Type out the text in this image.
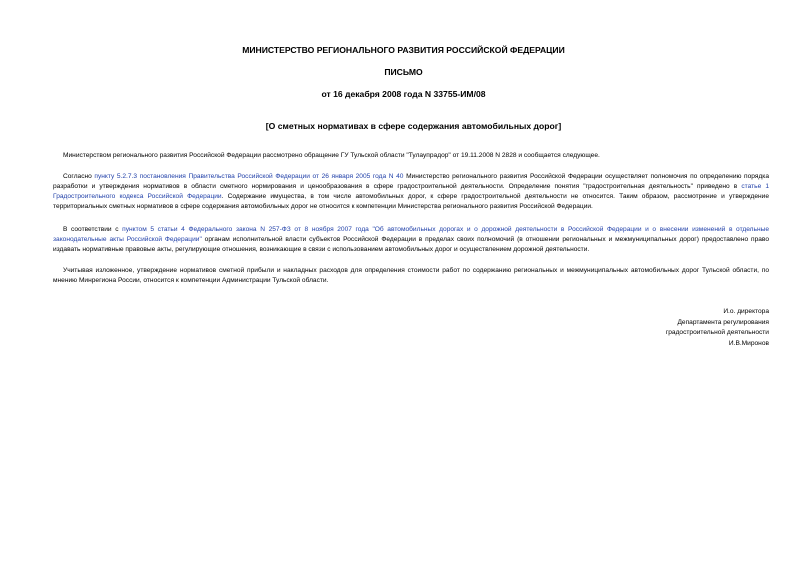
МИНИСТЕРСТВО РЕГИОНАЛЬНОГО РАЗВИТИЯ РОССИЙСКОЙ ФЕДЕРАЦИИ
ПИСЬМО
от 16 декабря 2008 года N 33755-ИМ/08
[О сметных нормативах в сфере содержания автомобильных дорог]

Министерством регионального развития Российской Федерации рассмотрено обращение ГУ Тульской области "Тулаупрадор" от 19.11.2008 N 2828 и сообщается следующее.

Согласно пункту 5.2.7.3 постановления Правительства Российской Федерации от 26 января 2005 года N 40 Министерство регионального развития Российской Федерации осуществляет полномочия по определению порядка разработки и утверждения нормативов в области сметного нормирования и ценообразования в сфере градостроительной деятельности. Определение понятия "градостроительная деятельность" приведено в статье 1 Градостроительного кодекса Российской Федерации. Содержание имущества, в том числе автомобильных дорог, к сфере градостроительной деятельности не относится. Таким образом, рассмотрение и утверждение территориальных сметных нормативов в сфере содержания автомобильных дорог не относится к компетенции Министерства регионального развития Российской Федерации.

В соответствии с пунктом 5 статьи 4 Федерального закона N 257-ФЗ от 8 ноября 2007 года "Об автомобильных дорогах и о дорожной деятельности в Российской Федерации и о внесении изменений в отдельные законодательные акты Российской Федерации" органам исполнительной власти субъектов Российской Федерации в пределах своих полномочий (в отношении региональных и межмуниципальных дорог) предоставлено право издавать нормативные правовые акты, регулирующие отношения, возникающие в связи с использованием автомобильных дорог и осуществлением дорожной деятельности.

Учитывая изложенное, утверждение нормативов сметной прибыли и накладных расходов для определения стоимости работ по содержанию региональных и межмуниципальных автомобильных дорог Тульской области, по мнению Минрегиона России, относится к компетенции Администрации Тульской области.

И.о. директора
Департамента регулирования
градостроительной деятельности
И.В.Миронов
